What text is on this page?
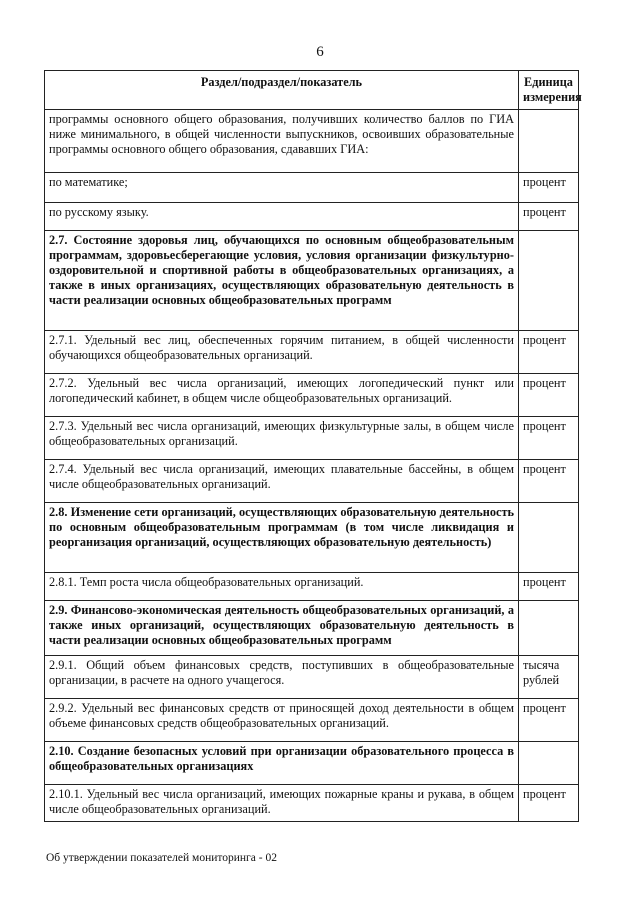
6
Раздел/подраздел/показатель	Единица измерения
программы основного общего образования, получивших количество баллов по ГИА ниже минимального, в общей численности выпускников, освоивших образовательные программы основного общего образования, сдававших ГИА:	
по математике;	процент
по русскому языку.	процент
2.7. Состояние здоровья лиц, обучающихся по основным общеобразовательным программам, здоровьесберегающие условия, условия организации физкультурно-оздоровительной и спортивной работы в общеобразовательных организациях, а также в иных организациях, осуществляющих образовательную деятельность в части реализации основных общеобразовательных программ	
2.7.1. Удельный вес лиц, обеспеченных горячим питанием, в общей численности обучающихся общеобразовательных организаций.	процент
2.7.2. Удельный вес числа организаций, имеющих логопедический пункт или логопедический кабинет, в общем числе общеобразовательных организаций.	процент
2.7.3. Удельный вес числа организаций, имеющих физкультурные залы, в общем числе общеобразовательных организаций.	процент
2.7.4. Удельный вес числа организаций, имеющих плавательные бассейны, в общем числе общеобразовательных организаций.	процент
2.8. Изменение сети организаций, осуществляющих образовательную деятельность по основным общеобразовательным программам (в том числе ликвидация и реорганизация организаций, осуществляющих образовательную деятельность)	
2.8.1. Темп роста числа общеобразовательных организаций.	процент
2.9. Финансово-экономическая деятельность общеобразовательных организаций, а также иных организаций, осуществляющих образовательную деятельность в части реализации основных общеобразовательных программ	
2.9.1. Общий объем финансовых средств, поступивших в общеобразовательные организации, в расчете на одного учащегося.	тысяча рублей
2.9.2. Удельный вес финансовых средств от приносящей доход деятельности в общем объеме финансовых средств общеобразовательных организаций.	процент
2.10. Создание безопасных условий при организации образовательного процесса в общеобразовательных организациях	
2.10.1. Удельный вес числа организаций, имеющих пожарные краны и рукава, в общем числе общеобразовательных организаций.	процент
Об утверждении показателей мониторинга - 02
